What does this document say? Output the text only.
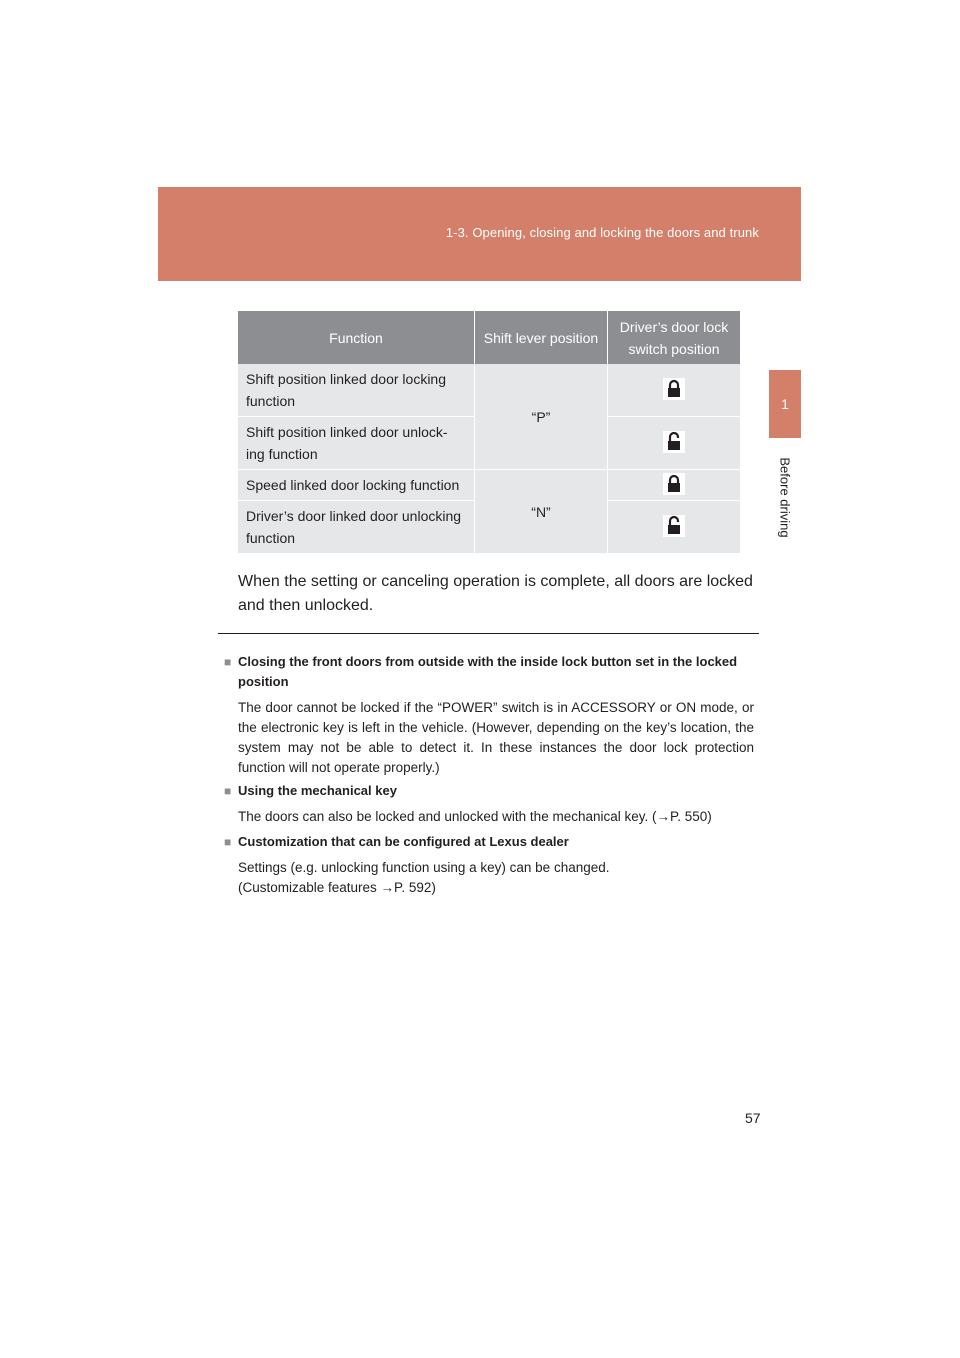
1-3. Opening, closing and locking the doors and trunk
1
Before driving
Function	Shift lever position	Driver’s door lock switch position
Shift position linked door locking function	“P”	
Shift position linked door unlock-ing function	
Speed linked door locking function	“N”	
Driver’s door linked door unlocking function	
When the setting or canceling operation is complete, all doors are locked and then unlocked.
■ Closing the front doors from outside with the inside lock button set in the locked position
The door cannot be locked if the “POWER” switch is in ACCESSORY or ON mode, or the electronic key is left in the vehicle. (However, depending on the key’s location, the system may not be able to detect it. In these instances the door lock protection function will not operate properly.)
■ Using the mechanical key
The doors can also be locked and unlocked with the mechanical key. (→P. 550)
■ Customization that can be configured at Lexus dealer
Settings (e.g. unlocking function using a key) can be changed.
(Customizable features →P. 592)
57
